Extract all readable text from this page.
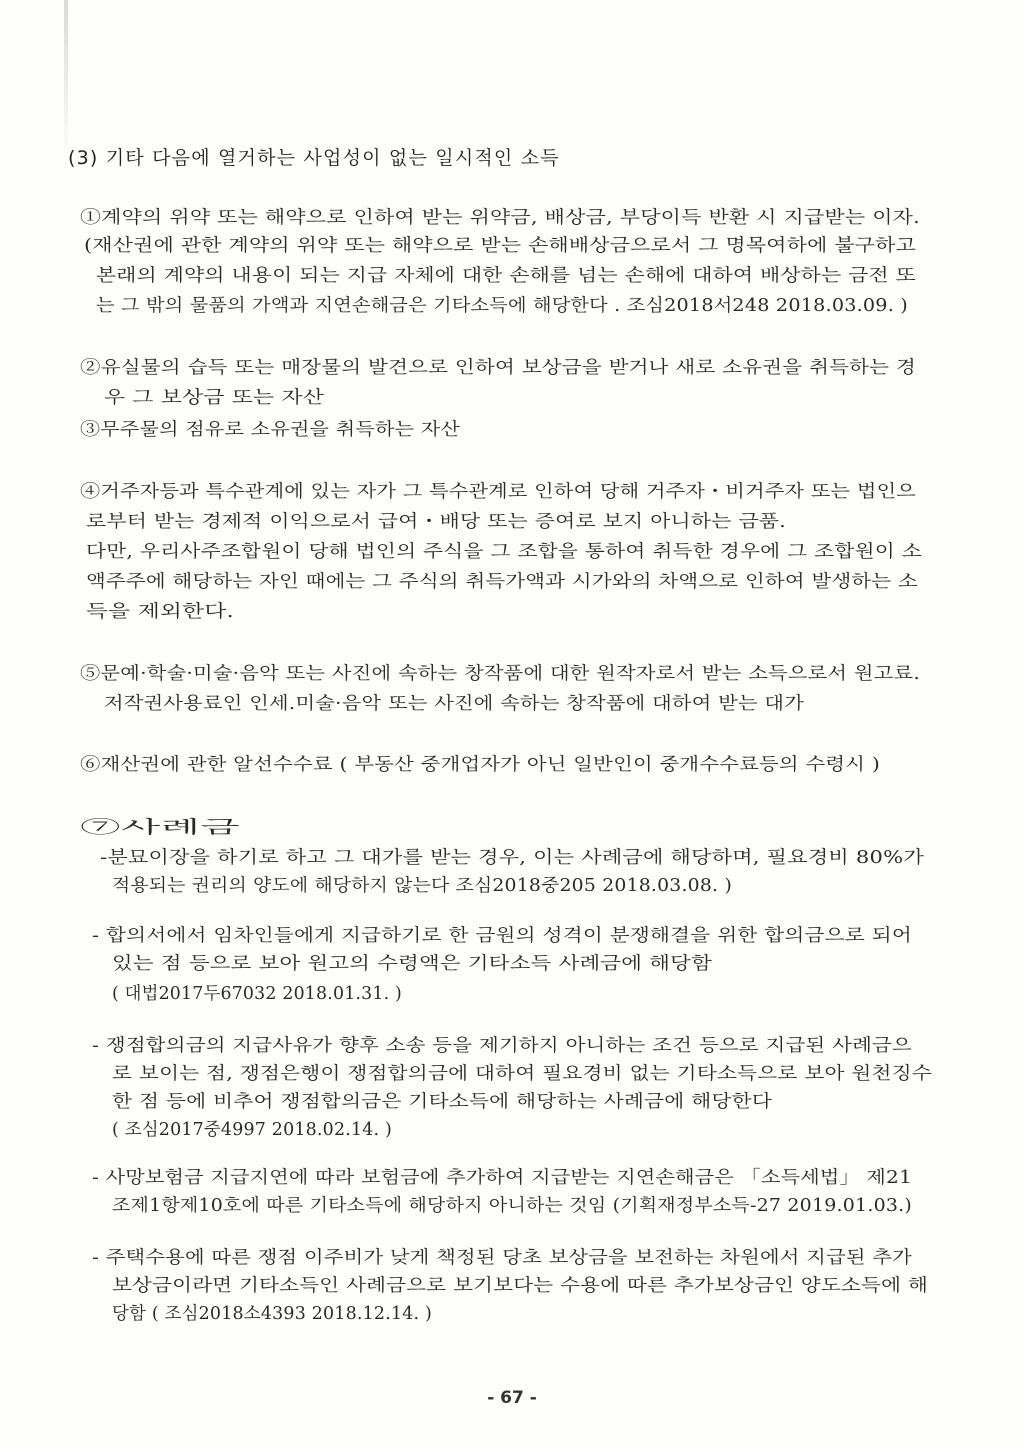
(3) 기타 다음에 열거하는 사업성이 없는 일시적인 소득
①계약의 위약 또는 해약으로 인하여 받는 위약금, 배상금, 부당이득 반환 시 지급받는 이자.
(재산권에 관한 계약의 위약 또는 해약으로 받는 손해배상금으로서 그 명목여하에 불구하고
본래의 계약의 내용이 되는 지급 자체에 대한 손해를 넘는 손해에 대하여 배상하는 금전 또
는 그 밖의 물품의 가액과 지연손해금은 기타소득에 해당한다 . 조심2018서248 2018.03.09. )
②유실물의 습득 또는 매장물의 발견으로 인하여 보상금을 받거나 새로 소유권을 취득하는 경
우 그 보상금 또는 자산
③무주물의 점유로 소유권을 취득하는 자산
④거주자등과 특수관계에 있는 자가 그 특수관계로 인하여 당해 거주자・비거주자 또는 법인으
로부터 받는 경제적 이익으로서 급여・배당 또는 증여로 보지 아니하는 금품.
다만, 우리사주조합원이 당해 법인의 주식을 그 조합을 통하여 취득한 경우에 그 조합원이 소
액주주에 해당하는 자인 때에는 그 주식의 취득가액과 시가와의 차액으로 인하여 발생하는 소
득을 제외한다.
⑤문예·학술·미술·음악 또는 사진에 속하는 창작품에 대한 원작자로서 받는 소득으로서 원고료.
저작권사용료인 인세.미술·음악 또는 사진에 속하는 창작품에 대하여 받는 대가
⑥재산권에 관한 알선수수료 ( 부동산 중개업자가 아닌 일반인이 중개수수료등의 수령시 )
⑦사례금
-분묘이장을 하기로 하고 그 대가를 받는 경우, 이는 사례금에 해당하며, 필요경비 80%가
적용되는 권리의 양도에 해당하지 않는다 조심2018중205 2018.03.08. )
- 합의서에서 임차인들에게 지급하기로 한 금원의 성격이 분쟁해결을 위한 합의금으로 되어
있는 점 등으로 보아 원고의 수령액은 기타소득 사례금에 해당함
( 대법2017두67032 2018.01.31. )
- 쟁점합의금의 지급사유가 향후 소송 등을 제기하지 아니하는 조건 등으로 지급된 사례금으
로 보이는 점, 쟁점은행이 쟁점합의금에 대하여 필요경비 없는 기타소득으로 보아 원천징수
한 점 등에 비추어 쟁점합의금은 기타소득에 해당하는 사례금에 해당한다
( 조심2017중4997 2018.02.14. )
- 사망보험금 지급지연에 따라 보험금에 추가하여 지급받는 지연손해금은 「소득세법」 제21
조제1항제10호에 따른 기타소득에 해당하지 아니하는 것임 (기획재정부소득-27 2019.01.03.)
- 주택수용에 따른 쟁점 이주비가 낮게 책정된 당초 보상금을 보전하는 차원에서 지급된 추가
보상금이라면 기타소득인 사례금으로 보기보다는 수용에 따른 추가보상금인 양도소득에 해
당함 ( 조심2018소4393 2018.12.14. )
- 67 -
